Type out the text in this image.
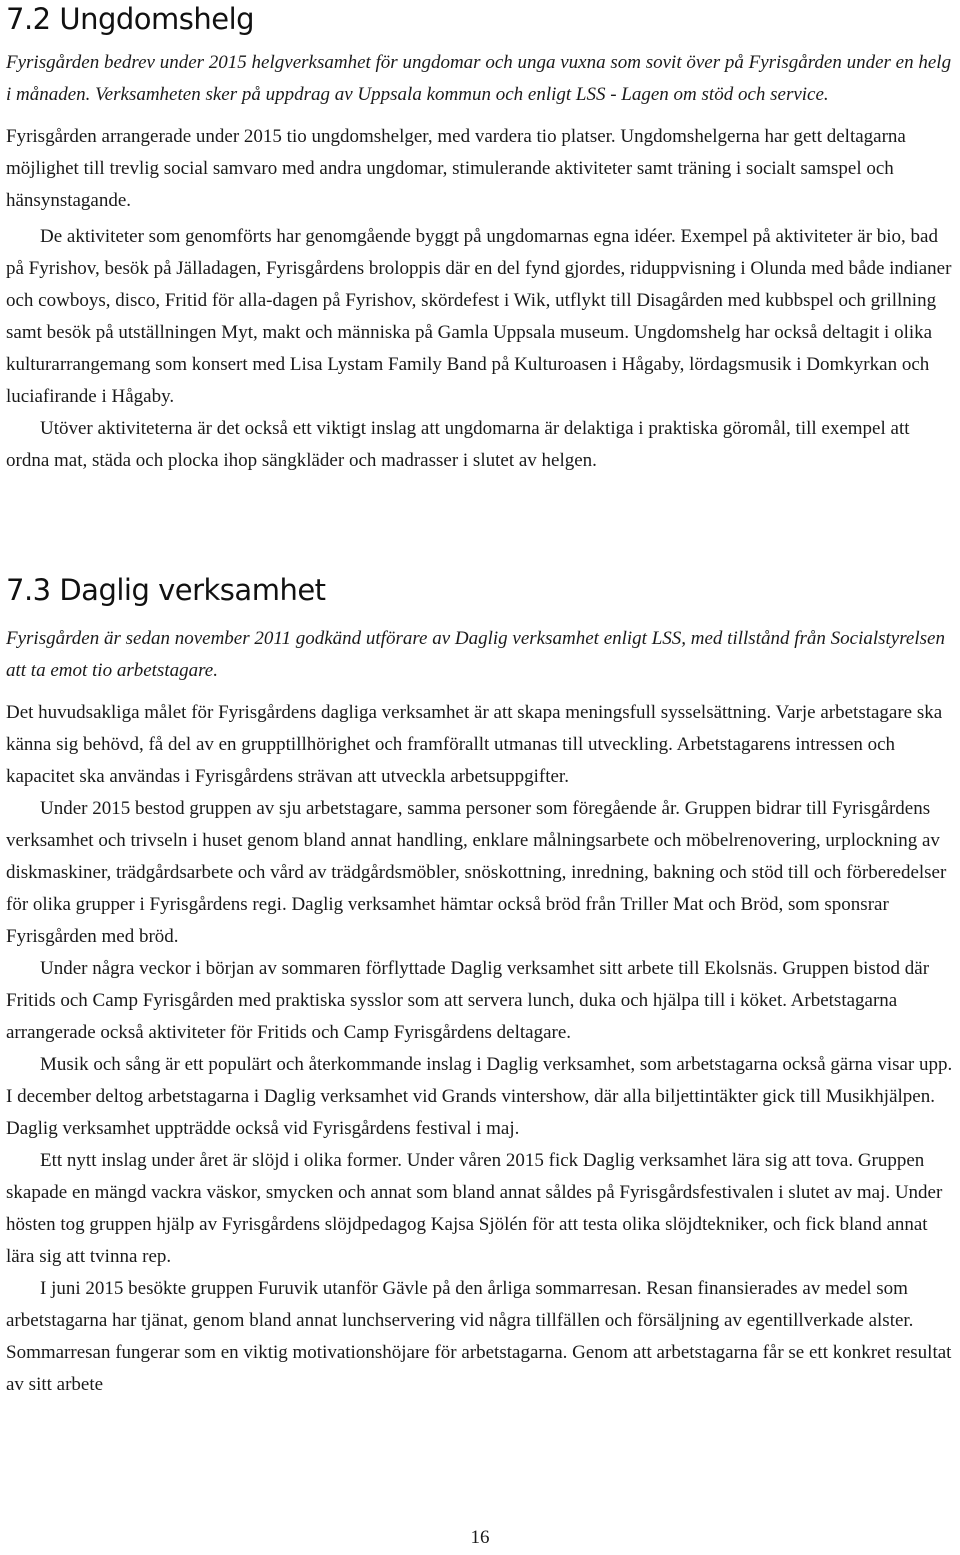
7.2 Ungdomshelg

Fyrisgården bedrev under 2015 helgverksamhet för ungdomar och unga vuxna som sovit över på Fyrisgården under en helg i månaden. Verksamheten sker på uppdrag av Uppsala kommun och enligt LSS - Lagen om stöd och service.

Fyrisgården arrangerade under 2015 tio ungdomshelger, med vardera tio platser. Ungdomshelgerna har gett deltagarna möjlighet till trevlig social samvaro med andra ungdomar, stimulerande aktiviteter samt träning i socialt samspel och hänsynstagande.

De aktiviteter som genomförts har genomgående byggt på ungdomarnas egna idéer. Exempel på aktiviteter är bio, bad på Fyrishov, besök på Jälladagen, Fyrisgårdens broloppis där en del fynd gjordes, riduppvisning i Olunda med både indianer och cowboys, disco, Fritid för alla-dagen på Fyrishov, skördefest i Wik, utflykt till Disagården med kubbspel och grillning samt besök på utställningen Myt, makt och människa på Gamla Uppsala museum. Ungdomshelg har också deltagit i olika kulturarrangemang som konsert med Lisa Lystam Family Band på Kulturoasen i Hågaby, lördagsmusik i Domkyrkan och luciafirande i Hågaby.

Utöver aktiviteterna är det också ett viktigt inslag att ungdomarna är delaktiga i praktiska göromål, till exempel att ordna mat, städa och plocka ihop sängkläder och madrasser i slutet av helgen.

7.3 Daglig verksamhet

Fyrisgården är sedan november 2011 godkänd utförare av Daglig verksamhet enligt LSS, med tillstånd från Socialstyrelsen att ta emot tio arbetstagare.

Det huvudsakliga målet för Fyrisgårdens dagliga verksamhet är att skapa meningsfull sysselsättning. Varje arbetstagare ska känna sig behövd, få del av en grupptillhörighet och framförallt utmanas till utveckling. Arbetstagarens intressen och kapacitet ska användas i Fyrisgårdens strävan att utveckla arbetsuppgifter.

Under 2015 bestod gruppen av sju arbetstagare, samma personer som föregående år. Gruppen bidrar till Fyrisgårdens verksamhet och trivseln i huset genom bland annat handling, enklare målningsarbete och möbelrenovering, urplockning av diskmaskiner, trädgårdsarbete och vård av trädgårdsmöbler, snöskottning, inredning, bakning och stöd till och förberedelser för olika grupper i Fyrisgårdens regi. Daglig verksamhet hämtar också bröd från Triller Mat och Bröd, som sponsrar Fyrisgården med bröd.

Under några veckor i början av sommaren förflyttade Daglig verksamhet sitt arbete till Ekolsnäs. Gruppen bistod där Fritids och Camp Fyrisgården med praktiska sysslor som att servera lunch, duka och hjälpa till i köket. Arbetstagarna arrangerade också aktiviteter för Fritids och Camp Fyrisgårdens deltagare.

Musik och sång är ett populärt och återkommande inslag i Daglig verksamhet, som arbetstagarna också gärna visar upp. I december deltog arbetstagarna i Daglig verksamhet vid Grands vintershow, där alla biljettintäkter gick till Musikhjälpen. Daglig verksamhet uppträdde också vid Fyrisgårdens festival i maj.

Ett nytt inslag under året är slöjd i olika former. Under våren 2015 fick Daglig verksamhet lära sig att tova. Gruppen skapade en mängd vackra väskor, smycken och annat som bland annat såldes på Fyrisgårdsfestivalen i slutet av maj. Under hösten tog gruppen hjälp av Fyrisgårdens slöjdpedagog Kajsa Sjölén för att testa olika slöjdtekniker, och fick bland annat lära sig att tvinna rep.

I juni 2015 besökte gruppen Furuvik utanför Gävle på den årliga sommarresan. Resan finansierades av medel som arbetstagarna har tjänat, genom bland annat lunchservering vid några tillfällen och försäljning av egentillverkade alster. Sommarresan fungerar som en viktig motivationshöjare för arbetstagarna. Genom att arbetstagarna får se ett konkret resultat av sitt arbete

16
